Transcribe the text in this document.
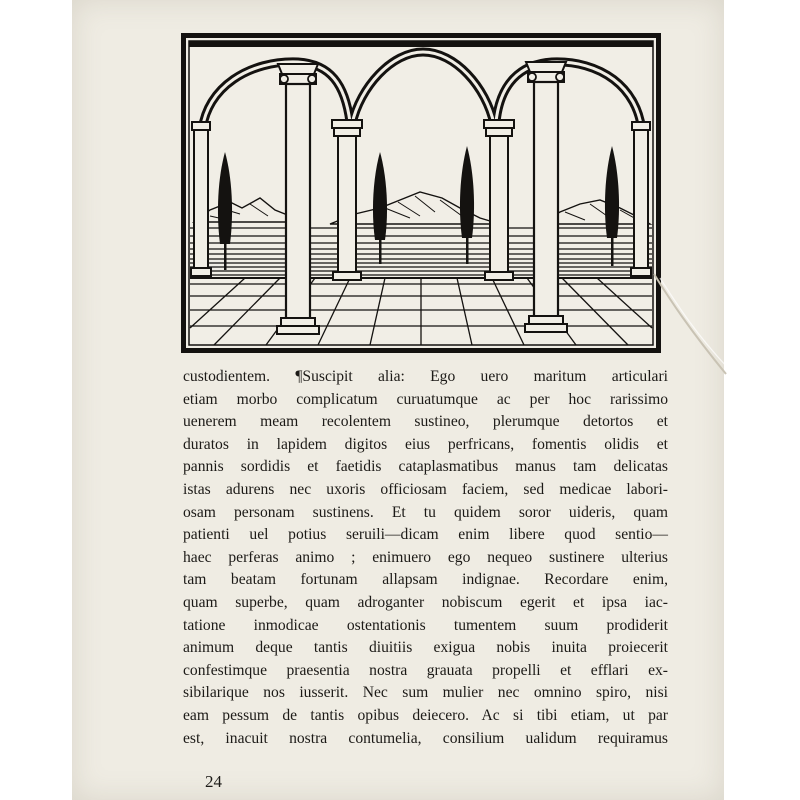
custodientem. ¶Suscipit alia: Ego uero maritum articulari
etiam morbo complicatum curuatumque ac per hoc rarissimo
uenerem meam recolentem sustineo, plerumque detortos et
duratos in lapidem digitos eius perfricans, fomentis olidis et
pannis sordidis et faetidis cataplasmatibus manus tam delicatas
istas adurens nec uxoris officiosam faciem, sed medicae labori-
osam personam sustinens. Et tu quidem soror uideris, quam
patienti uel potius seruili—dicam enim libere quod sentio—
haec perferas animo ; enimuero ego nequeo sustinere ulterius
tam beatam fortunam allapsam indignae. Recordare enim,
quam superbe, quam adroganter nobiscum egerit et ipsa iac-
tatione inmodicae ostentationis tumentem suum prodiderit
animum deque tantis diuitiis exigua nobis inuita proiecerit
confestimque praesentia nostra grauata propelli et efflari ex-
sibilarique nos iusserit. Nec sum mulier nec omnino spiro, nisi
eam pessum de tantis opibus deiecero. Ac si tibi etiam, ut par
est, inacuit nostra contumelia, consilium ualidum requiramus
24
